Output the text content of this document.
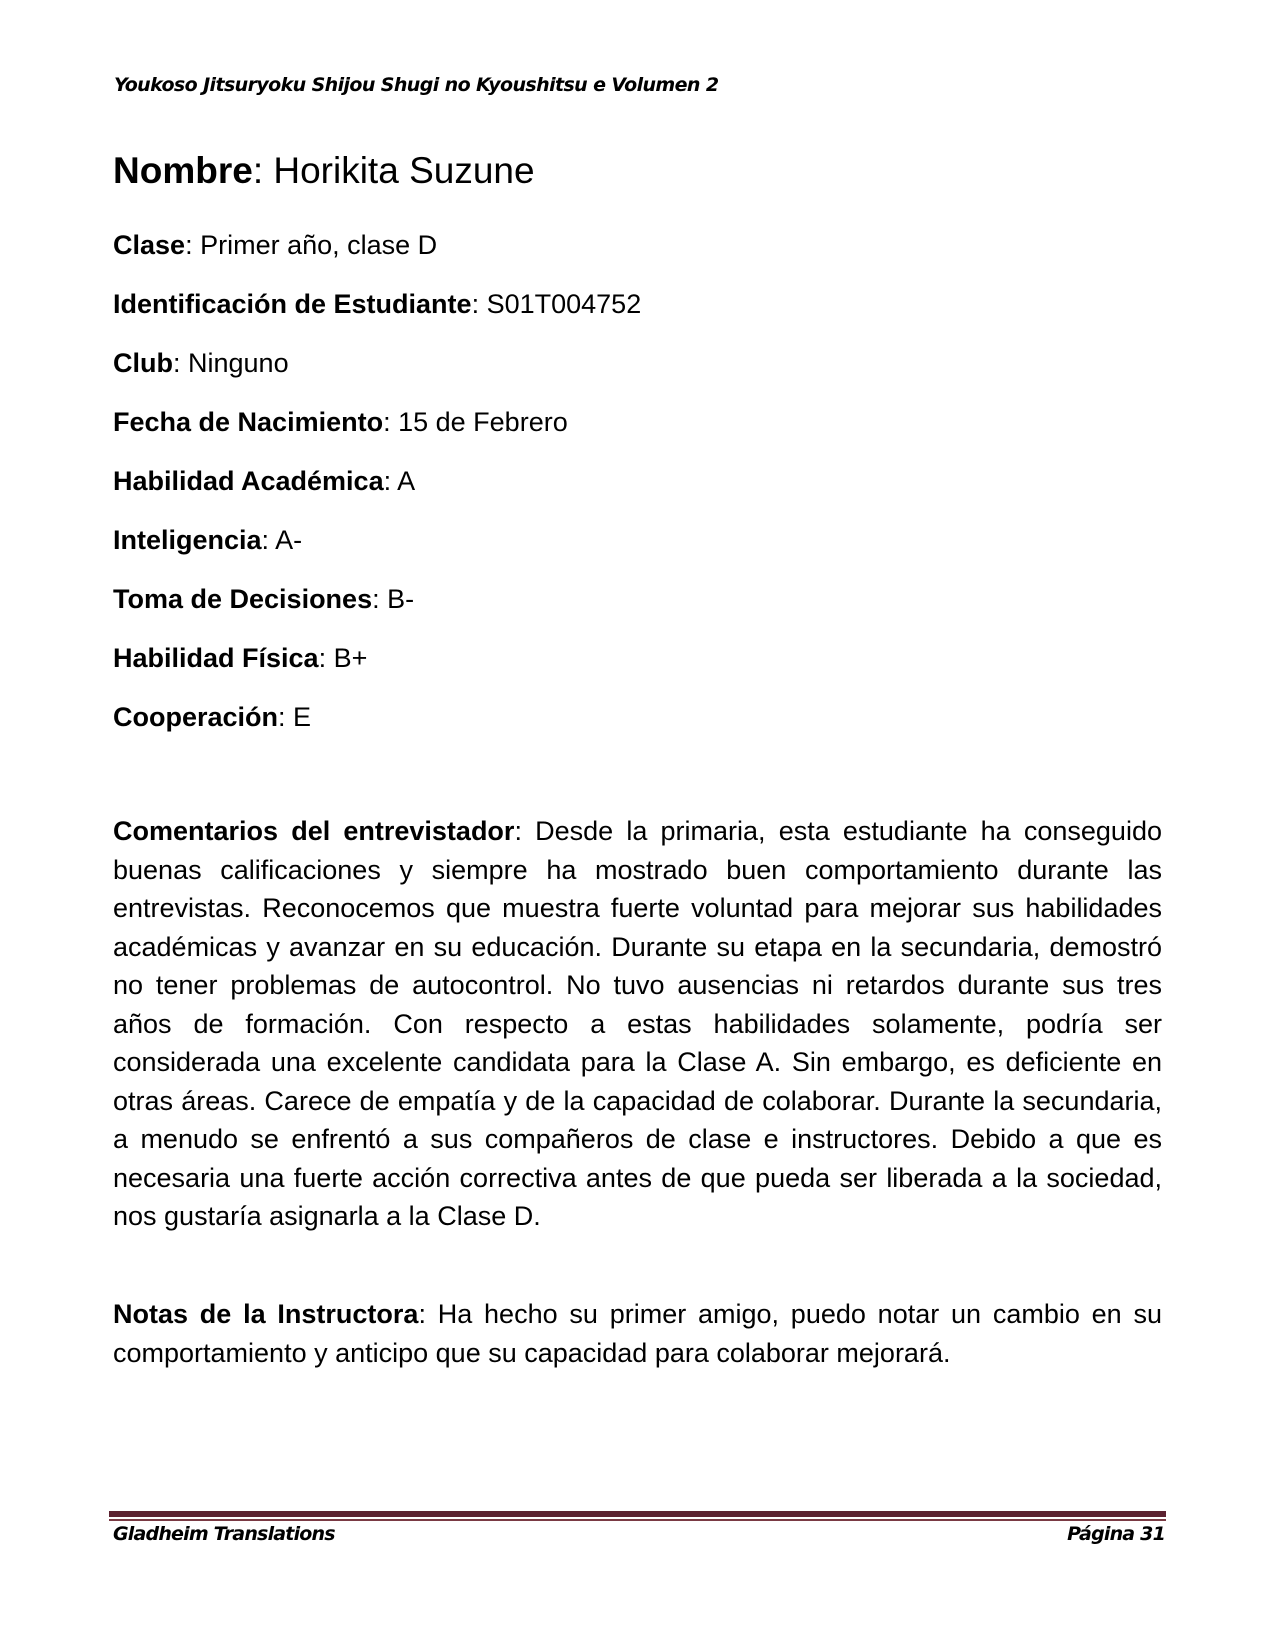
Youkoso Jitsuryoku Shijou Shugi no Kyoushitsu e Volumen 2
Nombre: Horikita Suzune
Clase: Primer año, clase D
Identificación de Estudiante: S01T004752
Club: Ninguno
Fecha de Nacimiento: 15 de Febrero
Habilidad Académica: A
Inteligencia: A-
Toma de Decisiones: B-
Habilidad Física: B+
Cooperación: E

Comentarios del entrevistador: Desde la primaria, esta estudiante ha conseguido buenas calificaciones y siempre ha mostrado buen comportamiento durante las entrevistas. Reconocemos que muestra fuerte voluntad para mejorar sus habilidades académicas y avanzar en su educación. Durante su etapa en la secundaria, demostró no tener problemas de autocontrol. No tuvo ausencias ni retardos durante sus tres años de formación. Con respecto a estas habilidades solamente, podría ser considerada una excelente candidata para la Clase A. Sin embargo, es deficiente en otras áreas. Carece de empatía y de la capacidad de colaborar. Durante la secundaria, a menudo se enfrentó a sus compañeros de clase e instructores. Debido a que es necesaria una fuerte acción correctiva antes de que pueda ser liberada a la sociedad, nos gustaría asignarla a la Clase D.

Notas de la Instructora: Ha hecho su primer amigo, puedo notar un cambio en su comportamiento y anticipo que su capacidad para colaborar mejorará.

Gladheim Translations	Página 31
